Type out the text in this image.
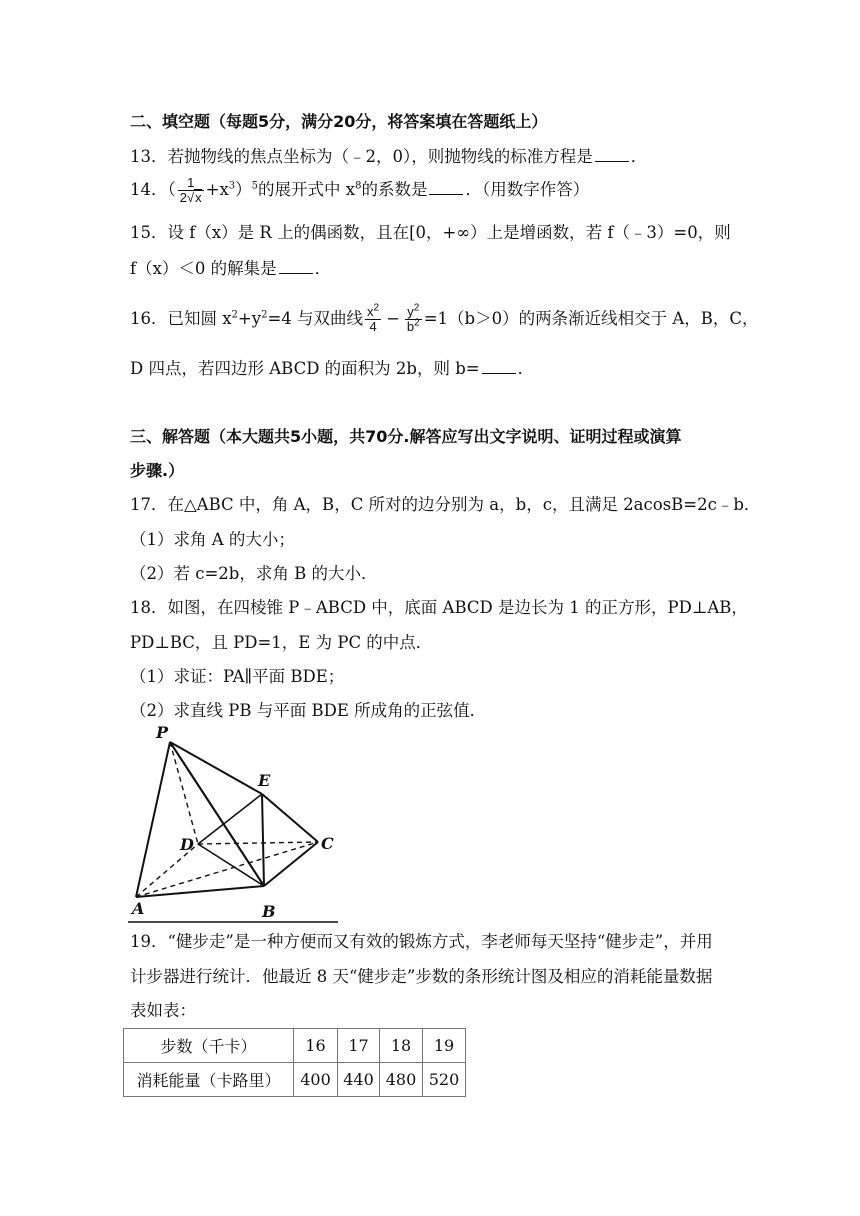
二、填空题（每题5分，满分20分，将答案填在答题纸上）
13．若抛物线的焦点坐标为（﹣2，0），则抛物线的标准方程是 ．
14．（ $\frac{1}{2√x} +x^3)^5$的展开式中 $x^8$的系数是 ．（用数字作答）
15．设 f（x）是 R 上的偶函数，且在[0，+∞）上是增函数，若 f（﹣3）=0，则
f（x）＜0 的解集是 ．
16．已知圆 $x^2+y^2=4$ 与双曲线 $\frac{x^2}{4} - \frac{y^2}{b^2} =1(b>0)$的两条渐近线相交于 A，B，C，
D 四点，若四边形 ABCD 的面积为 2b，则 b= ．
三、解答题（本大题共5小题，共70分.解答应写出文字说明、证明过程或演算
步骤.）
17．在△ABC 中，角 A，B，C 所对的边分别为 a，b，c，且满足 2acosB=2c﹣b．
（1）求角 A 的大小；
（2）若 c=2b，求角 B 的大小．
18．如图，在四棱锥 P﹣ABCD 中，底面 ABCD 是边长为 1 的正方形，PD⊥AB，
PD⊥BC，且 PD=1，E 为 PC 的中点．
（1）求证：PA∥平面 BDE；
（2）求直线 PB 与平面 BDE 所成角的正弦值．
P
E
D	C
A	B
19．“健步走”是一种方便而又有效的锻炼方式，李老师每天坚持“健步走”，并用
计步器进行统计．他最近 8 天“健步走”步数的条形统计图及相应的消耗能量数据
表如表：
步数（千卡）	16	17	18	19
消耗能量（卡路里）	400	440	480	520
